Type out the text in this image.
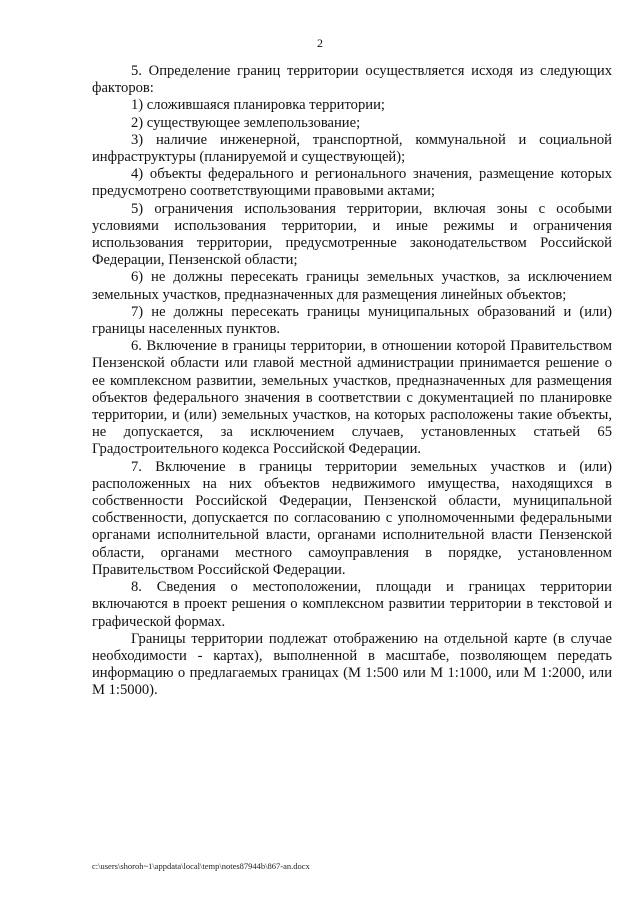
2

5. Определение границ территории осуществляется исходя из следующих факторов:

1) сложившаяся планировка территории;

2) существующее землепользование;

3) наличие инженерной, транспортной, коммунальной и социальной инфраструктуры (планируемой и существующей);

4) объекты федерального и регионального значения, размещение которых предусмотрено соответствующими правовыми актами;

5) ограничения использования территории, включая зоны с особыми условиями использования территории, и иные режимы и ограничения использования территории, предусмотренные законодательством Российской Федерации, Пензенской области;

6) не должны пересекать границы земельных участков, за исключением земельных участков, предназначенных для размещения линейных объектов;

7) не должны пересекать границы муниципальных образований и (или) границы населенных пунктов.

6. Включение в границы территории, в отношении которой Правительством Пензенской области или главой местной администрации принимается решение о ее комплексном развитии, земельных участков, предназначенных для размещения объектов федерального значения в соответствии с документацией по планировке территории, и (или) земельных участков, на которых расположены такие объекты, не допускается, за исключением случаев, установленных статьей 65 Градостроительного кодекса Российской Федерации.

7. Включение в границы территории земельных участков и (или) расположенных на них объектов недвижимого имущества, находящихся в собственности Российской Федерации, Пензенской области, муниципальной собственности, допускается по согласованию с уполномоченными федеральными органами исполнительной власти, органами исполнительной власти Пензенской области, органами местного самоуправления в порядке, установленном Правительством Российской Федерации.

8. Сведения о местоположении, площади и границах территории включаются в проект решения о комплексном развитии территории в текстовой и графической формах.

Границы территории подлежат отображению на отдельной карте (в случае необходимости - картах), выполненной в масштабе, позволяющем передать информацию о предлагаемых границах (М 1:500 или М 1:1000, или М 1:2000, или М 1:5000).

c:\users\shoroh~1\appdata\local\temp\notes87944b\867-an.docx
